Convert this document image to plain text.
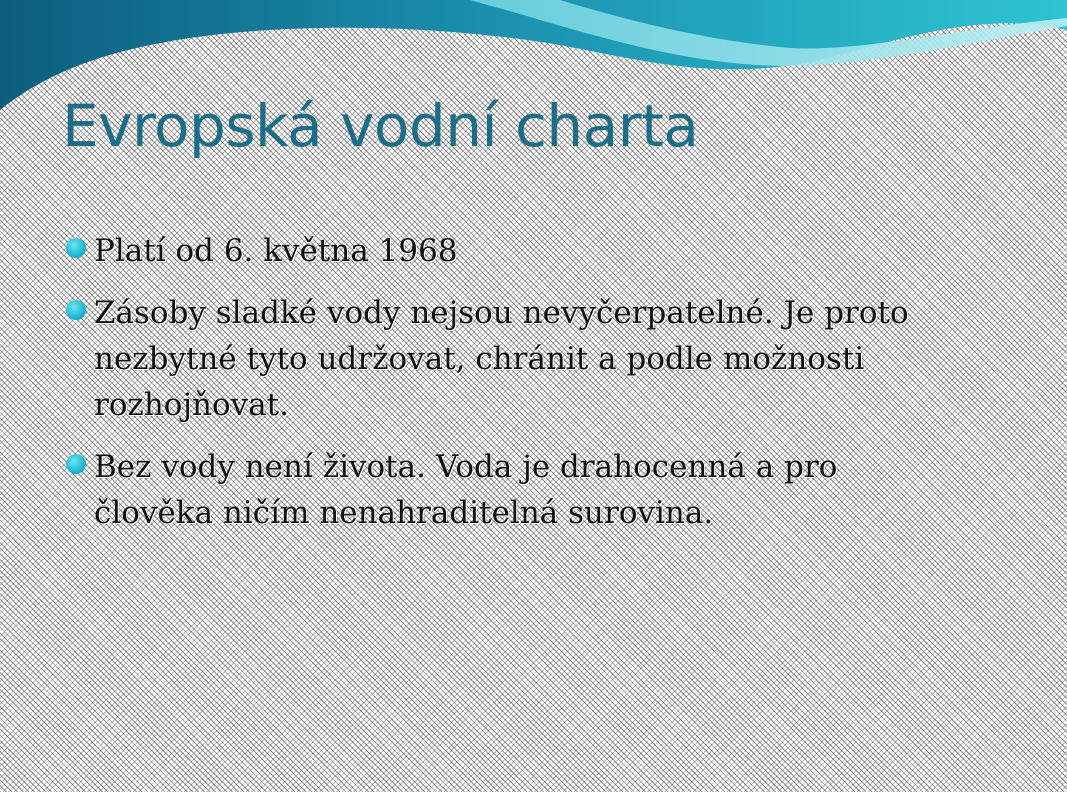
Evropská vodní charta
Platí od 6. května 1968
Zásoby sladké vody nejsou nevyčerpatelné. Je proto nezbytné tyto udržovat, chránit a podle možnosti rozhojňovat.
Bez vody není života. Voda je drahocenná a pro člověka ničím nenahraditelná surovina.
